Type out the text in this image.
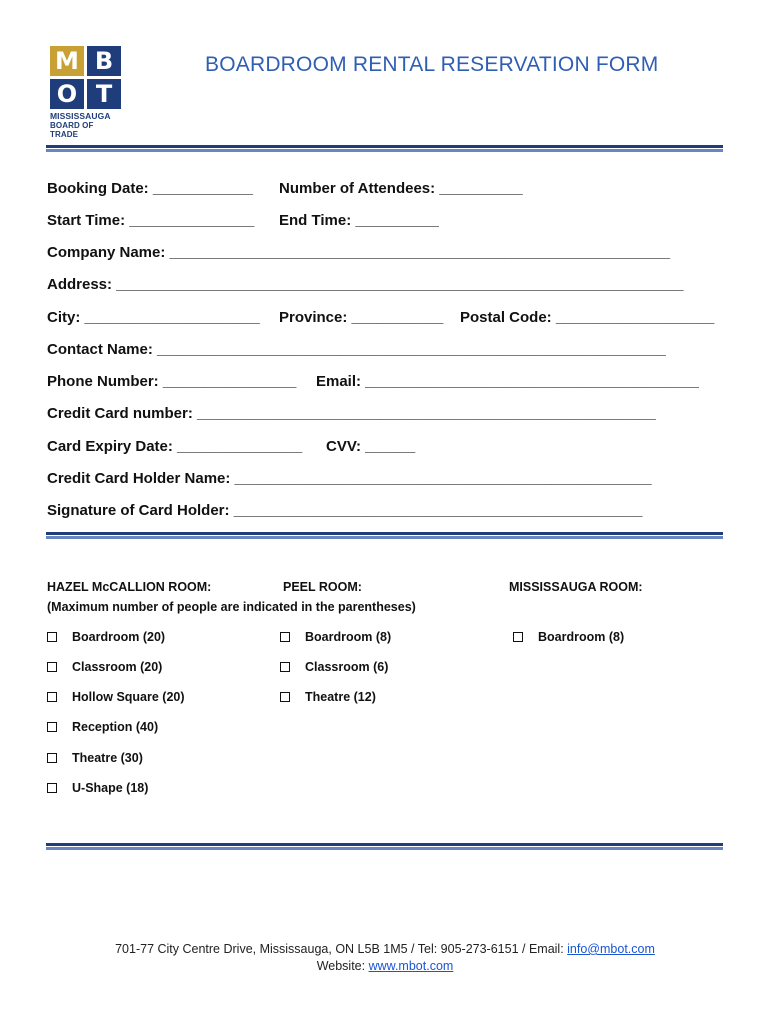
M B
O T
MISSISSAUGA
BOARD OF TRADE
BOARDROOM RENTAL RESERVATION FORM
Booking Date: ____________ Number of Attendees: __________
Start Time: _______________ End Time: __________
Company Name: ____________________________________________________________
Address: ____________________________________________________________________
City: _____________________ Province: ___________ Postal Code: ___________________
Contact Name: _____________________________________________________________
Phone Number: ________________ Email: ________________________________________
Credit Card number: _______________________________________________________
Card Expiry Date: _______________ CVV: ______
Credit Card Holder Name: __________________________________________________
Signature of Card Holder: _________________________________________________
HAZEL McCALLION ROOM:	PEEL ROOM:	MISSISSAUGA ROOM:
(Maximum number of people are indicated in the parentheses)
Boardroom (20)
Classroom (20)
Hollow Square (20)
Reception (40)
Theatre (30)
U-Shape (18)
Boardroom (8)
Classroom (6)
Theatre (12)
Boardroom (8)
701-77 City Centre Drive, Mississauga, ON L5B 1M5 / Tel: 905-273-6151 / Email: info@mbot.com
Website: www.mbot.com
